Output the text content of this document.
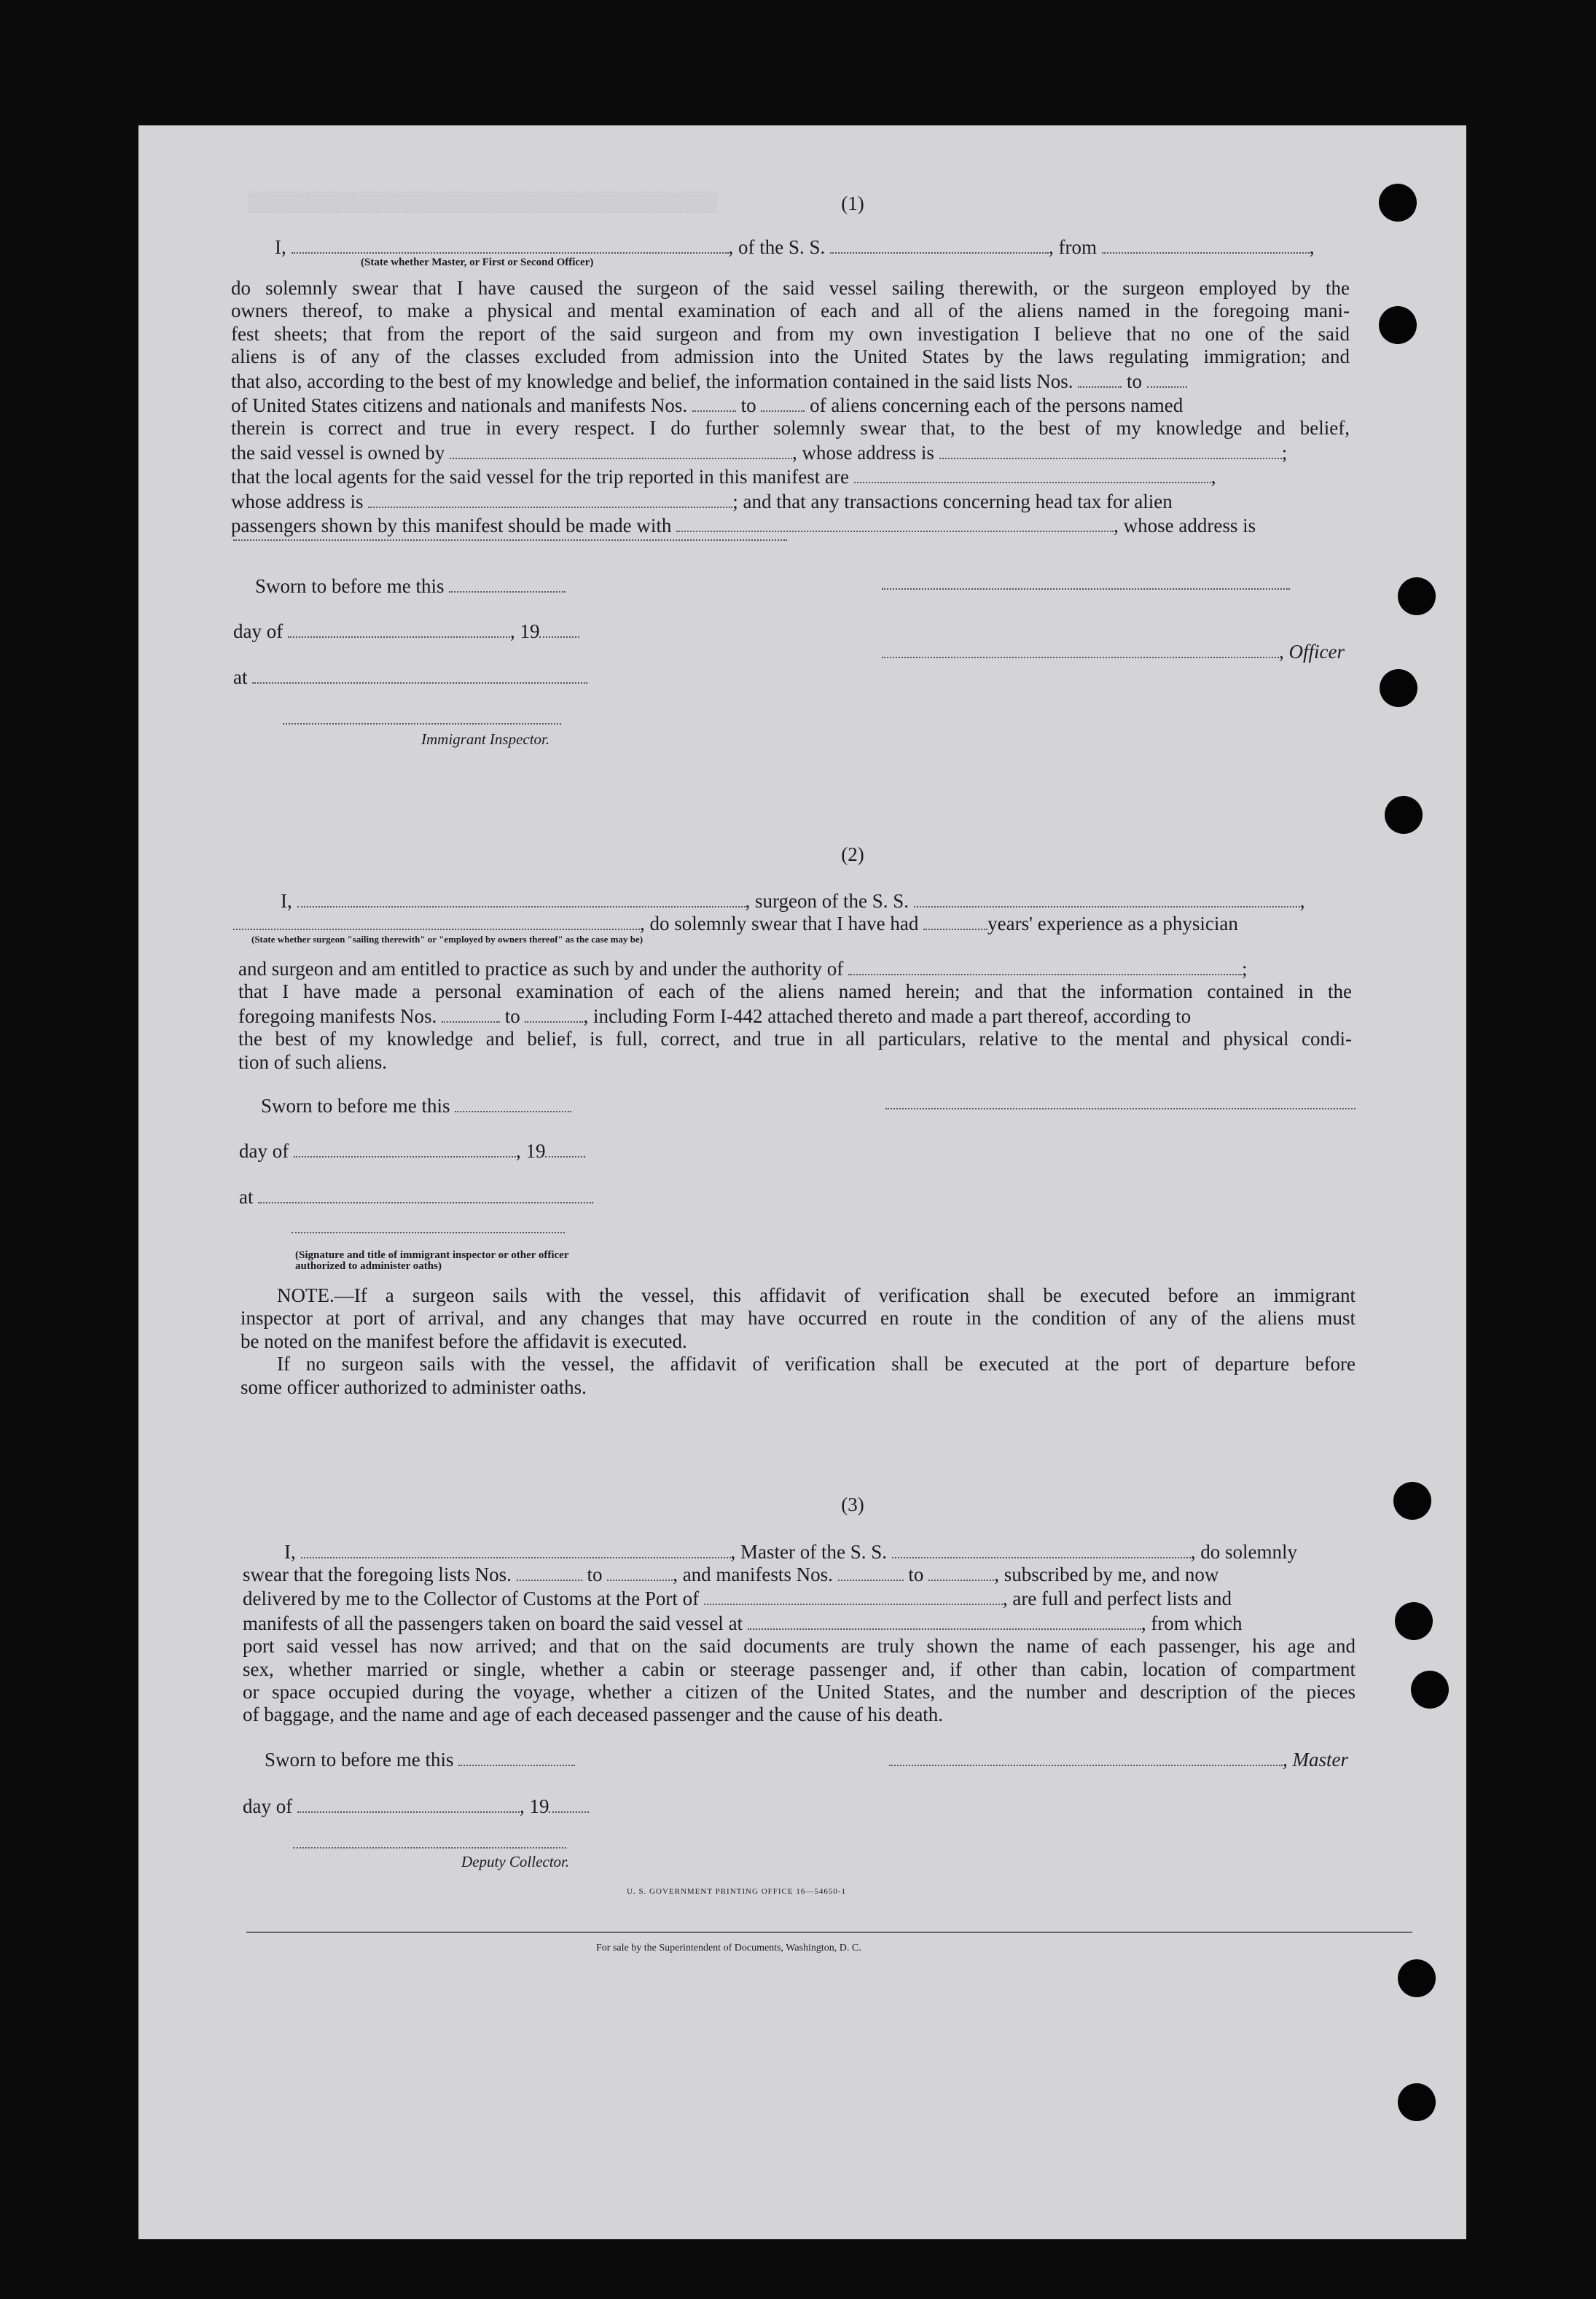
▒▒▒▒▒▒▒▒▒▒▒▒▒▒▒▒▒▒▒▒▒▒▒▒▒▒▒▒▒▒▒▒▒▒▒	(1)
I,	, of the S. S.	, from	,
(State whether Master, or First or Second Officer)
do solemnly swear that I have caused the surgeon of the said vessel sailing therewith, or the surgeon employed by the
owners thereof, to make a physical and mental examination of each and all of the aliens named in the foregoing mani-
fest sheets; that from the report of the said surgeon and from my own investigation I believe that no one of the said
aliens is of any of the classes excluded from admission into the United States by the laws regulating immigration; and
that also, according to the best of my knowledge and belief, the information contained in the said lists Nos.	to
of United States citizens and nationals and manifests Nos.	to	of aliens concerning each of the persons named
therein is correct and true in every respect. I do further solemnly swear that, to the best of my knowledge and belief,
the said vessel is owned by	, whose address is	;
that the local agents for the said vessel for the trip reported in this manifest are	,
whose address is	; and that any transactions concerning head tax for alien
passengers shown by this manifest should be made with	, whose address is
Sworn to before me this
day of	, 19
, Officer
at
Immigrant Inspector.
(2)
I,	, surgeon of the S. S.	,
, do solemnly swear that I have had	years' experience as a physician
(State whether surgeon "sailing therewith" or "employed by owners thereof" as the case may be)
and surgeon and am entitled to practice as such by and under the authority of	;
that I have made a personal examination of each of the aliens named herein; and that the information contained in the
foregoing manifests Nos.	to	, including Form I-442 attached thereto and made a part thereof, according to
the best of my knowledge and belief, is full, correct, and true in all particulars, relative to the mental and physical condi-
tion of such aliens.
Sworn to before me this
day of	, 19
at
(Signature and title of immigrant inspector or other officer authorized to administer oaths)
NOTE.—If a surgeon sails with the vessel, this affidavit of verification shall be executed before an immigrant
inspector at port of arrival, and any changes that may have occurred en route in the condition of any of the aliens must
be noted on the manifest before the affidavit is executed.
If no surgeon sails with the vessel, the affidavit of verification shall be executed at the port of departure before
some officer authorized to administer oaths.
(3)
I,	, Master of the S. S.	, do solemnly
swear that the foregoing lists Nos.	to	, and manifests Nos.	to	, subscribed by me, and now
delivered by me to the Collector of Customs at the Port of	, are full and perfect lists and
manifests of all the passengers taken on board the said vessel at	, from which
port said vessel has now arrived; and that on the said documents are truly shown the name of each passenger, his age and
sex, whether married or single, whether a cabin or steerage passenger and, if other than cabin, location of compartment
or space occupied during the voyage, whether a citizen of the United States, and the number and description of the pieces
of baggage, and the name and age of each deceased passenger and the cause of his death.
Sworn to before me this	, Master
day of	, 19
Deputy Collector.
U. S. GOVERNMENT PRINTING OFFICE 16—54650-1
For sale by the Superintendent of Documents, Washington, D. C.
